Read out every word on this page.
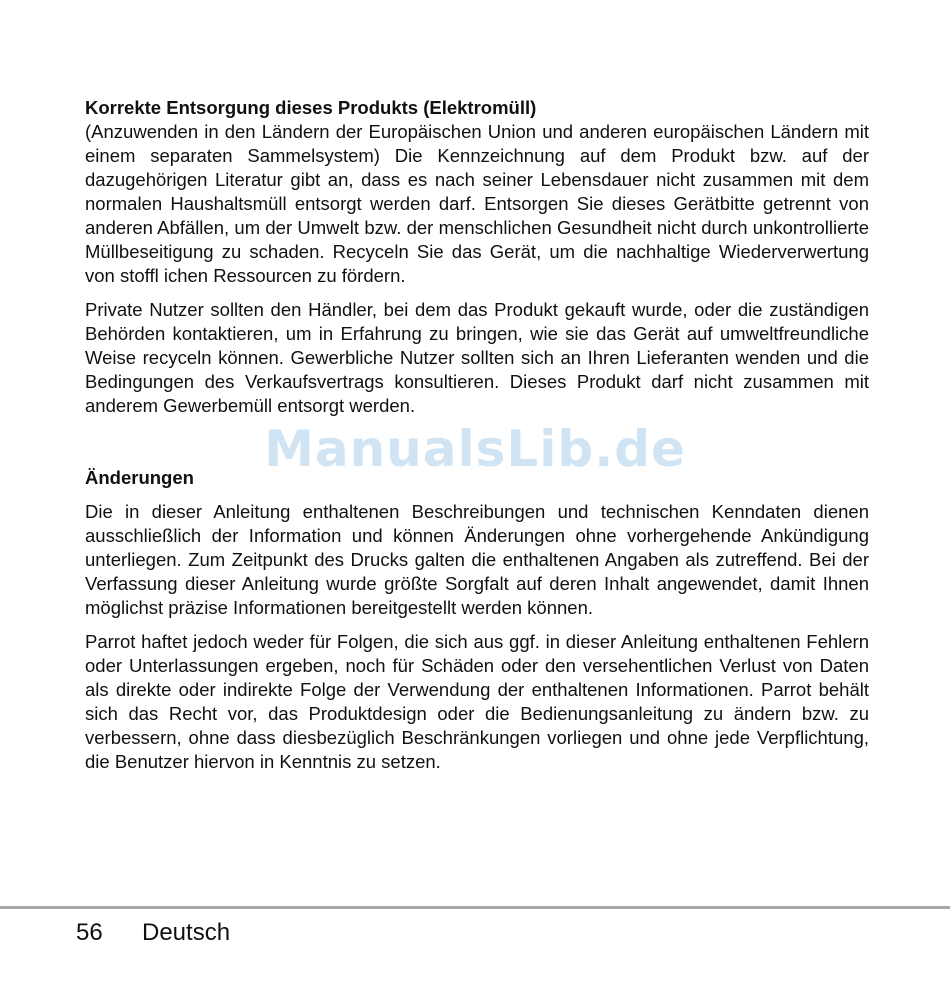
Korrekte Entsorgung dieses Produkts (Elektromüll)

(Anzuwenden in den Ländern der Europäischen Union und anderen europäischen Ländern mit einem separaten Sammelsystem) Die Kennzeichnung auf dem Produkt bzw. auf der dazugehörigen Literatur gibt an, dass es nach seiner Lebensdauer nicht zusammen mit dem normalen Haushaltsmüll entsorgt werden darf. Entsorgen Sie dieses Gerätbitte getrennt von anderen Abfällen, um der Umwelt bzw. der menschlichen Gesundheit nicht durch unkontrollierte Müllbeseitigung zu schaden. Recyceln Sie das Gerät, um die nachhaltige Wiederverwertung von stoffl ichen Ressourcen zu fördern.

Private Nutzer sollten den Händler, bei dem das Produkt gekauft wurde, oder die zuständigen Behörden kontaktieren, um in Erfahrung zu bringen, wie sie das Gerät auf umweltfreundliche Weise recyceln können. Gewerbliche Nutzer sollten sich an Ihren Lieferanten wenden und die Bedingungen des Verkaufsvertrags konsultieren. Dieses Produkt darf nicht zusammen mit anderem Gewerbemüll entsorgt werden.

Änderungen

Die in dieser Anleitung enthaltenen Beschreibungen und technischen Kenndaten dienen ausschließlich der Information und können Änderungen ohne vorhergehende Ankündigung unterliegen. Zum Zeitpunkt des Drucks galten die enthaltenen Angaben als zutreffend. Bei der Verfassung dieser Anleitung wurde größte Sorgfalt auf deren Inhalt angewendet, damit Ihnen möglichst präzise Informationen bereitgestellt werden können.

Parrot haftet jedoch weder für Folgen, die sich aus ggf. in dieser Anleitung enthaltenen Fehlern oder Unterlassungen ergeben, noch für Schäden oder den versehentlichen Verlust von Daten als direkte oder indirekte Folge der Verwendung der enthaltenen Informationen. Parrot behält sich das Recht vor, das Produktdesign oder die Bedienungsanleitung zu ändern bzw. zu verbessern, ohne dass diesbezüglich Beschränkungen vorliegen und ohne jede Verpflichtung, die Benutzer hiervon in Kenntnis zu setzen.

ManualsLib.de
56 Deutsch
